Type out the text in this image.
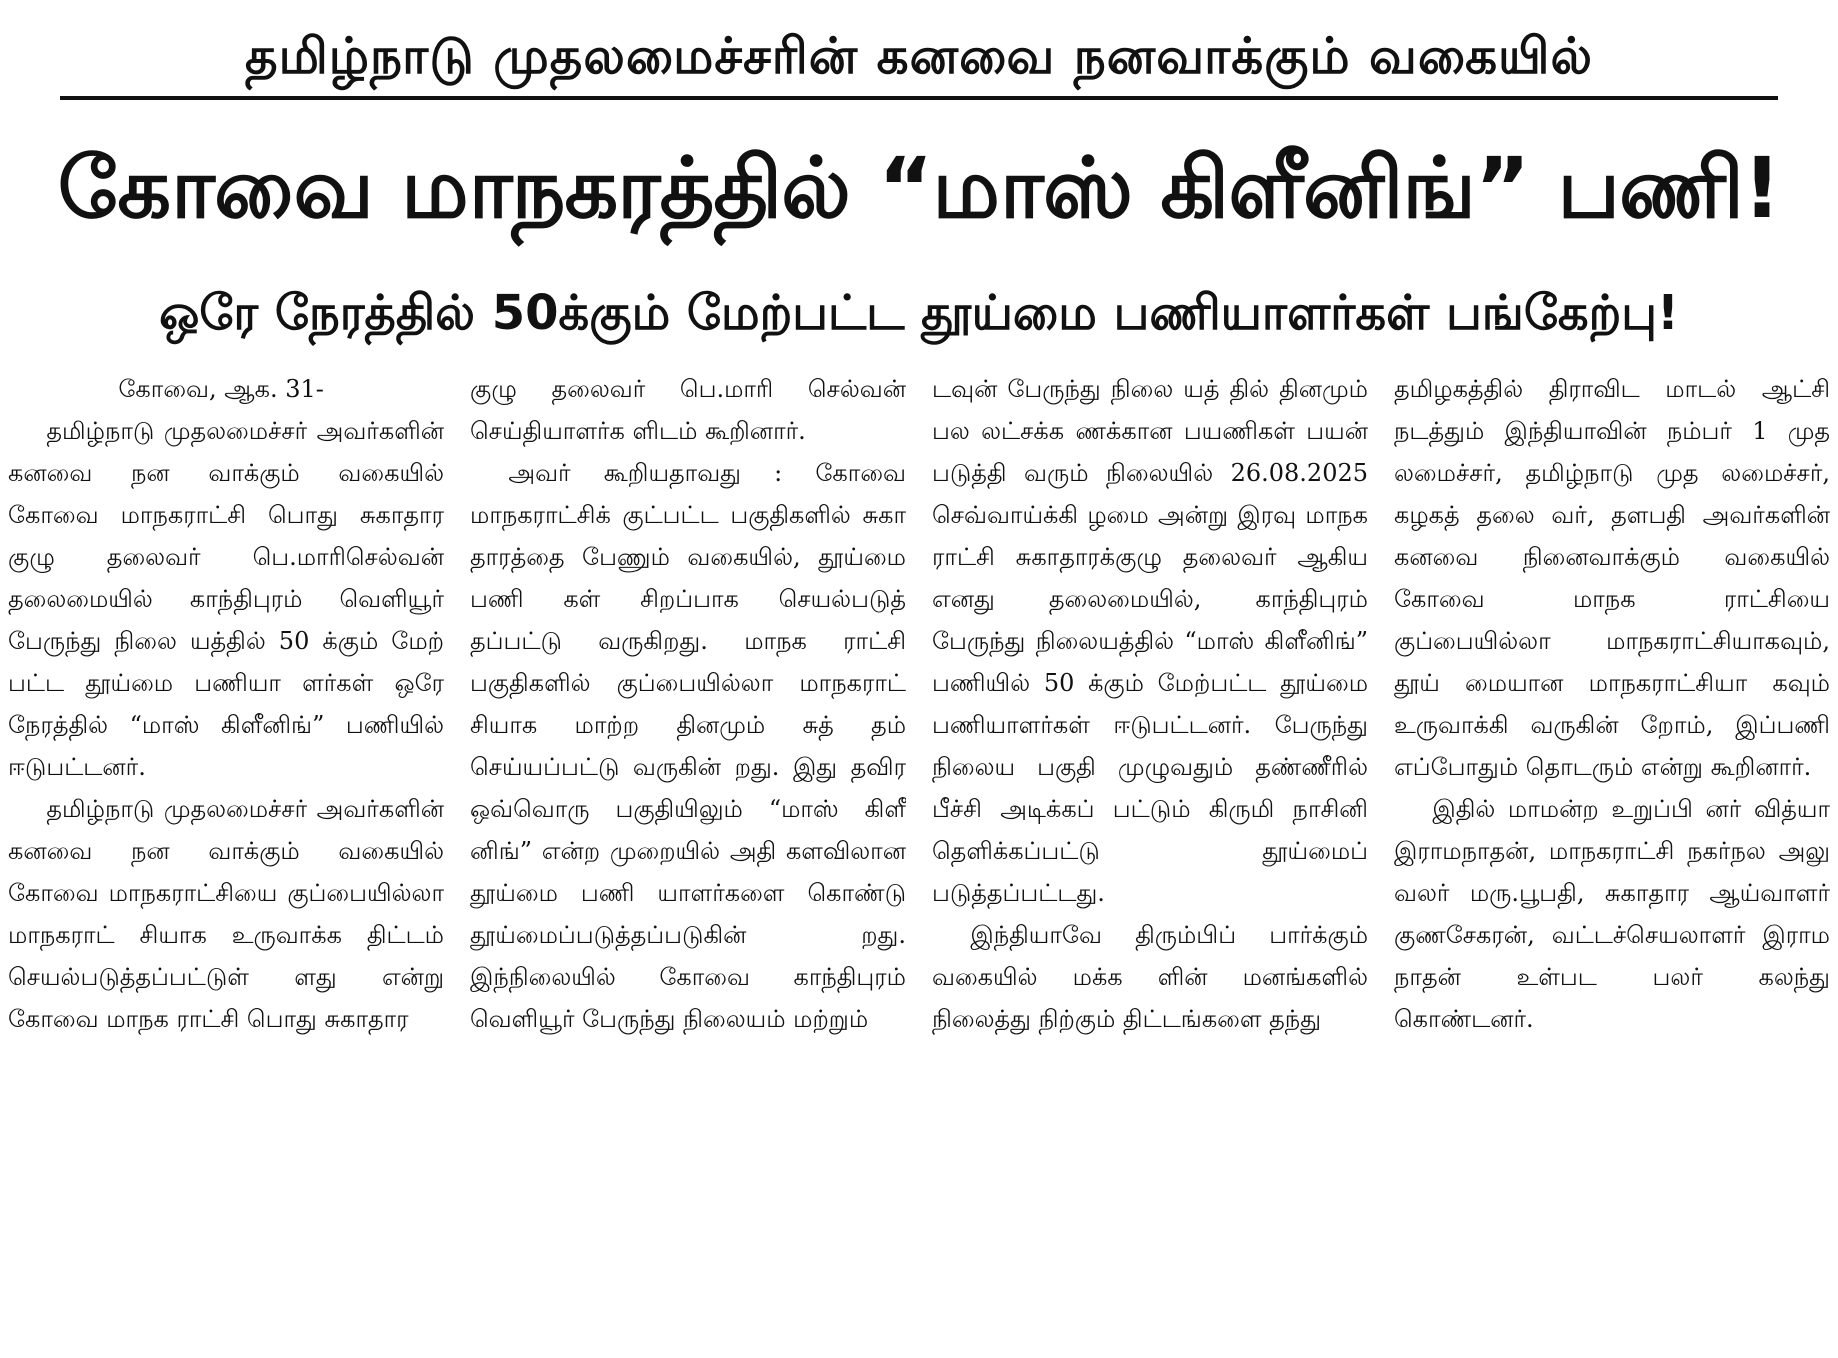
தமிழ்நாடு முதலமைச்சரின் கனவை நனவாக்கும் வகையில்
கோவை மாநகரத்தில் “மாஸ் கிளீனிங்” பணி!
ஒரே நேரத்தில் 50க்கும் மேற்பட்ட தூய்மை பணியாளர்கள் பங்கேற்பு!

கோவை, ஆக. 31-

தமிழ்நாடு முதலமைச்சர் அவர்களின் கனவை நன வாக்கும் வகையில் கோவை மாநகராட்சி பொது சுகாதார குழு தலைவர் பெ.மாரிசெல்வன் தலைமையில் காந்திபுரம் வெளியூர் பேருந்து நிலை யத்தில் 50 க்கும் மேற் பட்ட தூய்மை பணியா ளர்கள் ஒரே நேரத்தில் “மாஸ் கிளீனிங்” பணியில் ஈடுபட்டனர்.

தமிழ்நாடு முதலமைச்சர் அவர்களின் கனவை நன வாக்கும் வகையில் கோவை மாநகராட்சியை குப்பையில்லா மாநகராட் சியாக உருவாக்க திட்டம் செயல்படுத்தப்பட்டுள் ளது என்று கோவை மாநக ராட்சி பொது சுகாதார

குழு தலைவர் பெ.மாரி செல்வன் செய்தியாளர்க ளிடம் கூறினார்.

அவர் கூறியதாவது : கோவை மாநகராட்சிக் குட்பட்ட பகுதிகளில் சுகா தாரத்தை பேணும் வகையில், தூய்மை பணி கள் சிறப்பாக செயல்படுத் தப்பட்டு வருகிறது. மாநக ராட்சி பகுதிகளில் குப்பையில்லா மாநகராட் சியாக மாற்ற தினமும் சுத் தம் செய்யப்பட்டு வருகின் றது. இது தவிர ஒவ்வொரு பகுதியிலும் “மாஸ் கிளீ னிங்” என்ற முறையில் அதி களவிலான தூய்மை பணி யாளர்களை கொண்டு தூய்மைப்படுத்தப்படுகின் றது. இந்நிலையில் கோவை காந்திபுரம் வெளியூர் பேருந்து நிலையம் மற்றும்

டவுன் பேருந்து நிலை யத் தில் தினமும் பல லட்சக்க ணக்கான பயணிகள் பயன் படுத்தி வரும் நிலையில் 26.08.2025 செவ்வாய்க்கி ழமை அன்று இரவு மாநக ராட்சி சுகாதாரக்குழு தலைவர் ஆகிய எனது தலைமையில், காந்திபுரம் பேருந்து நிலையத்தில் “மாஸ் கிளீனிங்” பணியில் 50 க்கும் மேற்பட்ட தூய்மை பணியாளர்கள் ஈடுபட்டனர். பேருந்து நிலைய பகுதி முழுவதும் தண்ணீரில் பீச்சி அடிக்கப் பட்டும் கிருமி நாசினி தெளிக்கப்பட்டு தூய்மைப் படுத்தப்பட்டது.

இந்தியாவே திரும்பிப் பார்க்கும் வகையில் மக்க ளின் மனங்களில் நிலைத்து நிற்கும் திட்டங்களை தந்து

தமிழகத்தில் திராவிட மாடல் ஆட்சி நடத்தும் இந்தியாவின் நம்பர் 1 முத லமைச்சர், தமிழ்நாடு முத லமைச்சர், கழகத் தலை வர், தளபதி அவர்களின் கனவை நினைவாக்கும் வகையில் கோவை மாநக ராட்சியை குப்பையில்லா மாநகராட்சியாகவும், தூய் மையான மாநகராட்சியா கவும் உருவாக்கி வருகின் றோம், இப்பணி எப்போதும் தொடரும் என்று கூறினார்.

இதில் மாமன்ற உறுப்பி னர் வித்யா இராமநாதன், மாநகராட்சி நகர்நல அலு வலர் மரு.பூபதி, சுகாதார ஆய்வாளர் குணசேகரன், வட்டச்செயலாளர் இராம நாதன் உள்பட பலர் கலந்து கொண்டனர்.
